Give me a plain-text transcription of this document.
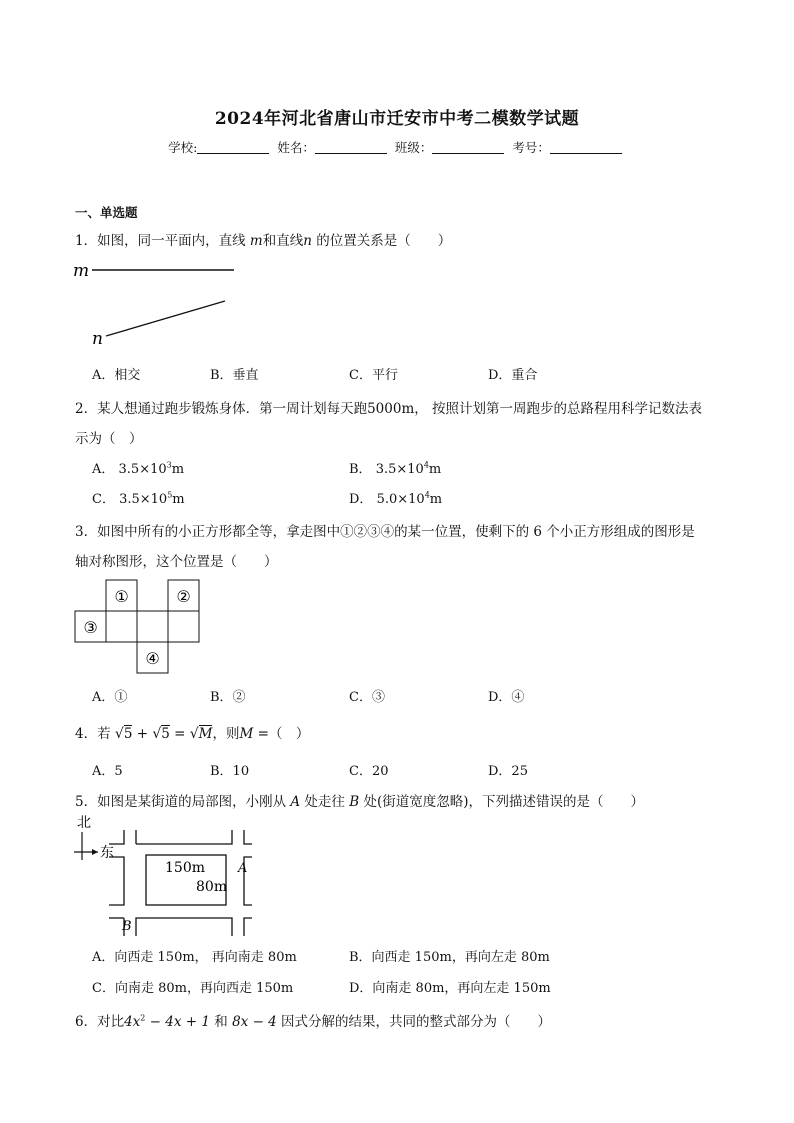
2024年河北省唐山市迁安市中考二模数学试题
学校:	姓名：	班级：	考号：
一、单选题
1．如图，同一平面内，直线 m和直线n 的位置关系是（　　）
m
n
A．相交	B．垂直	C．平行	D．重合
2．某人想通过跑步锻炼身体．第一周计划每天跑5000m， 按照计划第一周跑步的总路程用科学记数法表
示为（　）
A． $3.5\times 10^3m$	B． $3.5\times 10^4m$
C． $3.5\times 10^5m$	D． $5.0\times 10^4m$
3．如图中所有的小正方形都全等，拿走图中①②③④的某一位置，使剩下的 6 个小正方形组成的图形是
轴对称图形，这个位置是（　　）
①	②
③
④
A．①	B．②	C．③	D．④
4．若 √5 + √5 = √M，则M =（　）
A．5	B．10	C．20	D．25
5．如图是某街道的局部图，小刚从 A 处走往 B 处(街道宽度忽略)，下列描述错误的是（　　）
北
东
150m
80m
A
B
A．向西走 150m， 再向南走 80m	B．向西走 150m，再向左走 80m
C．向南走 80m，再向西走 150m	D．向南走 80m，再向左走 150m
6．对比$4x^2 - 4x + 1$ 和 8x − 4 因式分解的结果，共同的整式部分为（　　）
